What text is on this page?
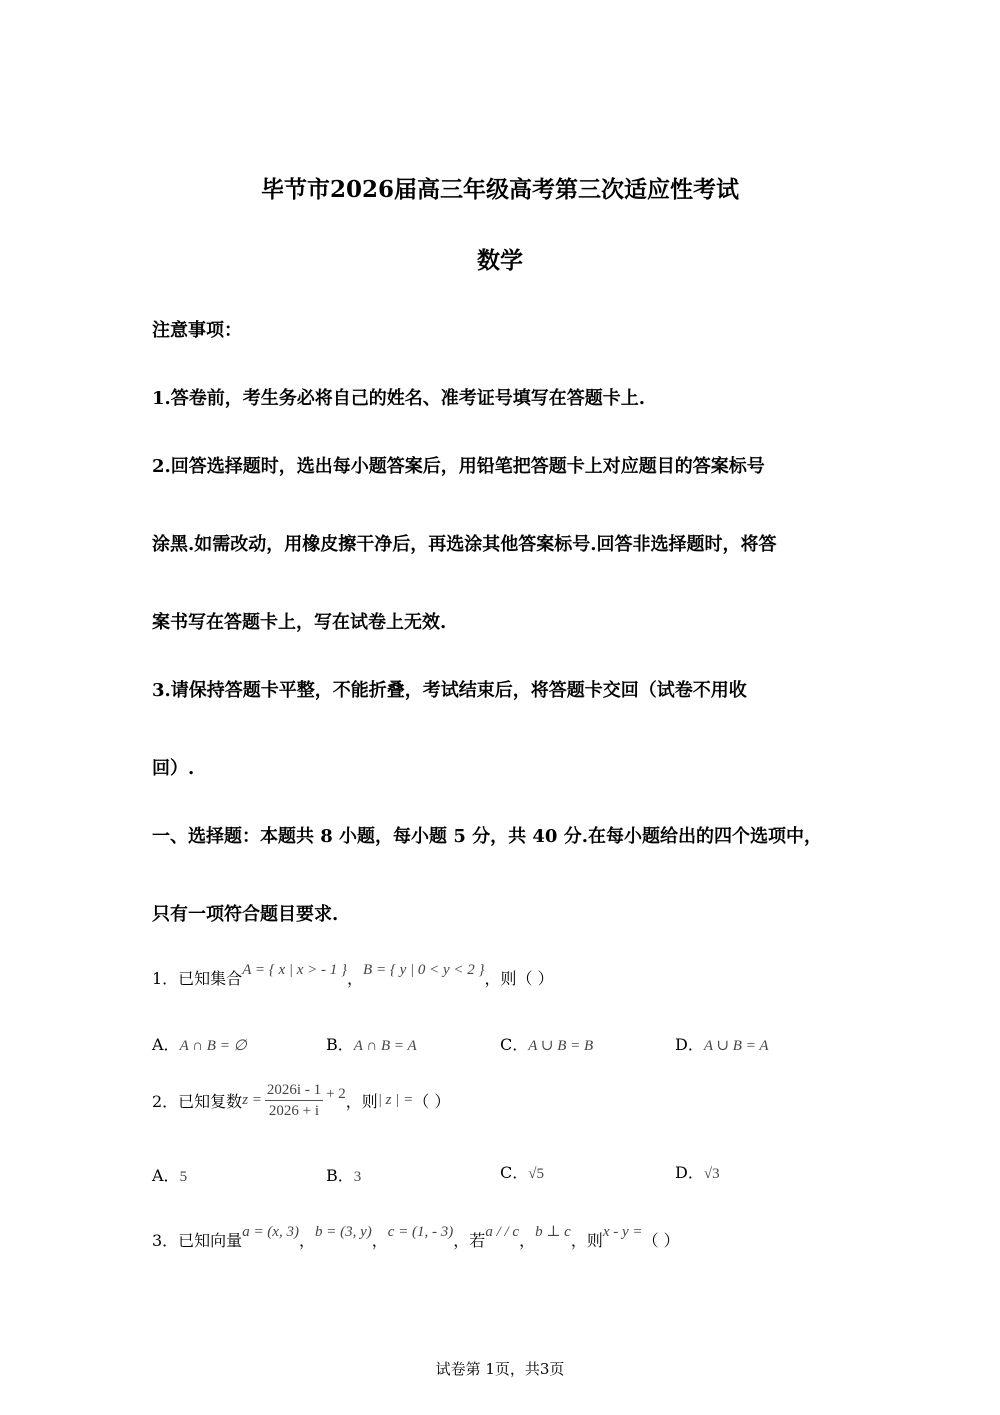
毕节市2026届高三年级高考第三次适应性考试
数学
注意事项：
1.答卷前，考生务必将自己的姓名、准考证号填写在答题卡上.
2.回答选择题时，选出每小题答案后，用铅笔把答题卡上对应题目的答案标号
涂黑.如需改动，用橡皮擦干净后，再选涂其他答案标号.回答非选择题时，将答
案书写在答题卡上，写在试卷上无效.
3.请保持答题卡平整，不能折叠，考试结束后，将答题卡交回（试卷不用收
回）.
一、选择题：本题共 8 小题，每小题 5 分，共 40 分.在每小题给出的四个选项中，
只有一项符合题目要求.
1．已知集合A = { x | x > - 1 }，B = { y | 0 < y < 2 }，则（ ）
A．A ∩ B = ∅	B．A ∩ B = A	C．A ∪ B = B	D．A ∪ B = A
2．已知复数$z = \frac{2026i - 1}{2026 + i} + 2$，则| z | =（ ）
A．5	B．3	C．√5	D．√3
3．已知向量a = (x, 3)，b = (3, y)，c = (1, - 3)，若a / / c，b ⊥ c，则x - y =（ ）
试卷第 1页，共3页
